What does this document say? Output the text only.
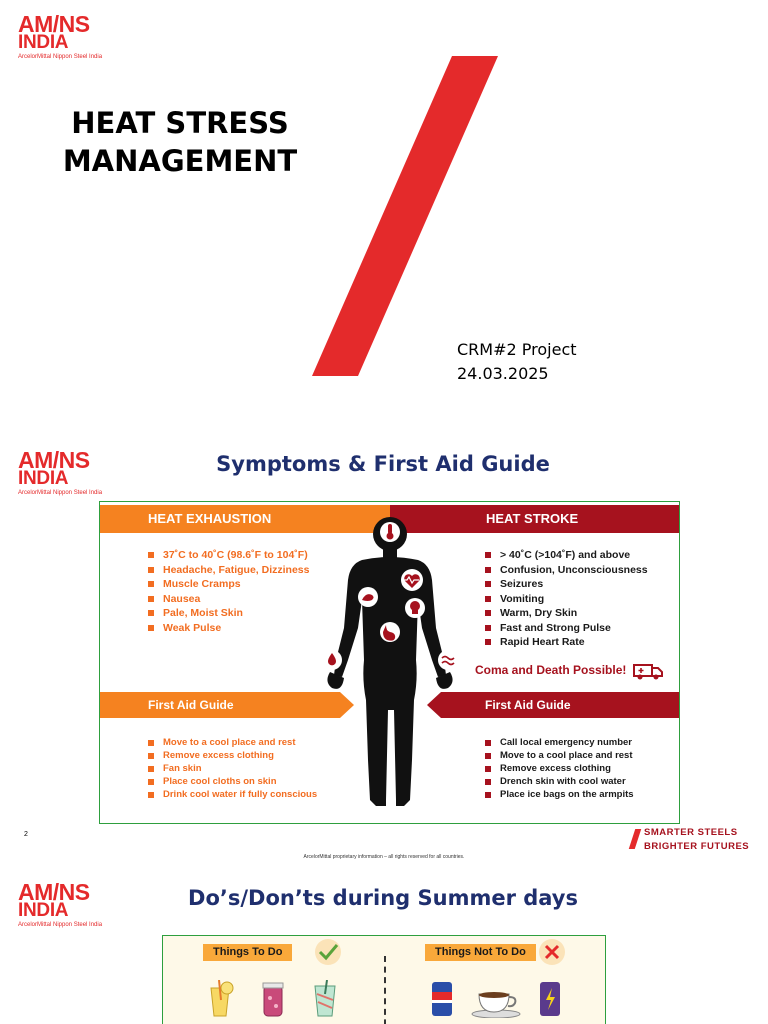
AM/NS
INDIA
ArcelorMittal Nippon Steel India
HEAT STRESS
MANAGEMENT
CRM#2 Project
24.03.2025
AM/NS
INDIA
ArcelorMittal Nippon Steel India
Symptoms & First Aid Guide
HEAT EXHAUSTION	HEAT STROKE
37˚C to 40˚C (98.6˚F to 104˚F)
Headache, Fatigue, Dizziness
Muscle Cramps
Nausea
Pale, Moist Skin
Weak Pulse
> 40˚C (>104˚F) and above
Confusion, Unconsciousness
Seizures
Vomiting
Warm, Dry Skin
Fast and Strong Pulse
Rapid Heart Rate
Coma and Death Possible!
First Aid Guide	First Aid Guide
Move to a cool place and rest
Remove excess clothing
Fan skin
Place cool cloths on skin
Drink cool water if fully conscious
Call local emergency number
Move to a cool place and rest
Remove excess clothing
Drench skin with cool water
Place ice bags on the armpits
2	SMARTER STEELS
BRIGHTER FUTURES
ArcelorMittal proprietary information – all rights reserved for all countries.
AM/NS
INDIA
ArcelorMittal Nippon Steel India
Do’s/Don’ts during Summer days
Things To Do	Things Not To Do
